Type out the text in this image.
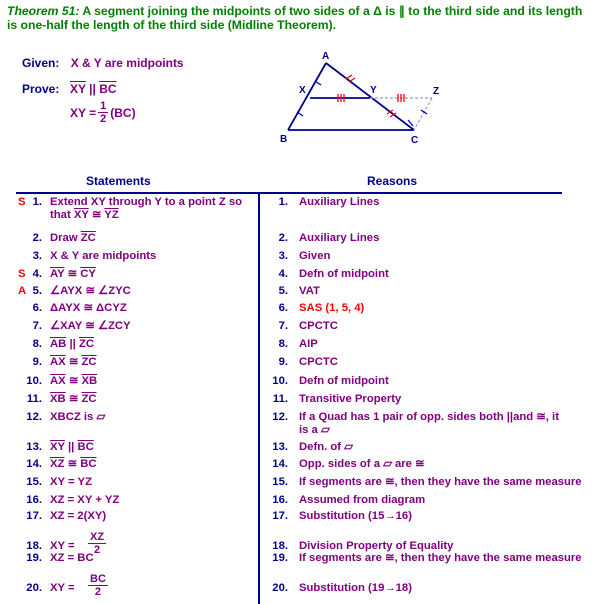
Theorem 51: A segment joining the midpoints of two sides of a Δ is ∥ to the third side and its length is one-half the length of the third side (Midline Theorem).
Given: X & Y are midpoints
Prove: $\overline{XY}$ || $\overline{BC}$
XY = $\frac{1}{2} (BC)$
A
X	Y	Z
B	C
Statements	Reasons
S 1. Extend XY through Y to a point Z so
that $\overline{XY}$ ≅ $\overline{YZ}$
1. Auxiliary Lines
2. Draw $\overline{ZC}$	2. Auxiliary Lines
3. X & Y are midpoints	3. Given
S 4. $\overline{AY}$ ≅ $\overline{CY}$	4. Defn of midpoint
A 5. ∠AYX ≅ ∠ZYC	5. VAT
6. ΔAYX ≅ ΔCYZ	6. SAS (1, 5, 4)
7. ∠XAY ≅ ∠ZCY	7. CPCTC
8. $\overline{AB}$ || $\overline{ZC}$	8. AIP
9. $\overline{AX}$ ≅ $\overline{ZC}$	9. CPCTC
10. $\overline{AX}$ ≅ $\overline{XB}$	10. Defn of midpoint
11. $\overline{XB}$ ≅ $\overline{ZC}$	11. Transitive Property
12. XBCZ is ▱	12. If a Quad has 1 pair of opp. sides both ||and ≅, it
is a ▱
13. $\overline{XY}$ || $\overline{BC}$	13. Defn. of ▱
14. $\overline{XZ}$ ≅ $\overline{BC}$	14. Opp. sides of a ▱ are ≅
15. XY = YZ	15. If segments are ≅, then they have the same measure
16. XZ = XY + YZ	16. Assumed from diagram
17. XZ = 2(XY)	17. Substitution (15→16)
18. XY = $\frac{XZ}{2}$	18. Division Property of Equality
19. XZ = BC	19. If segments are ≅, then they have the same measure
20. XY = $\frac{BC}{2}$	20. Substitution (19→18)
